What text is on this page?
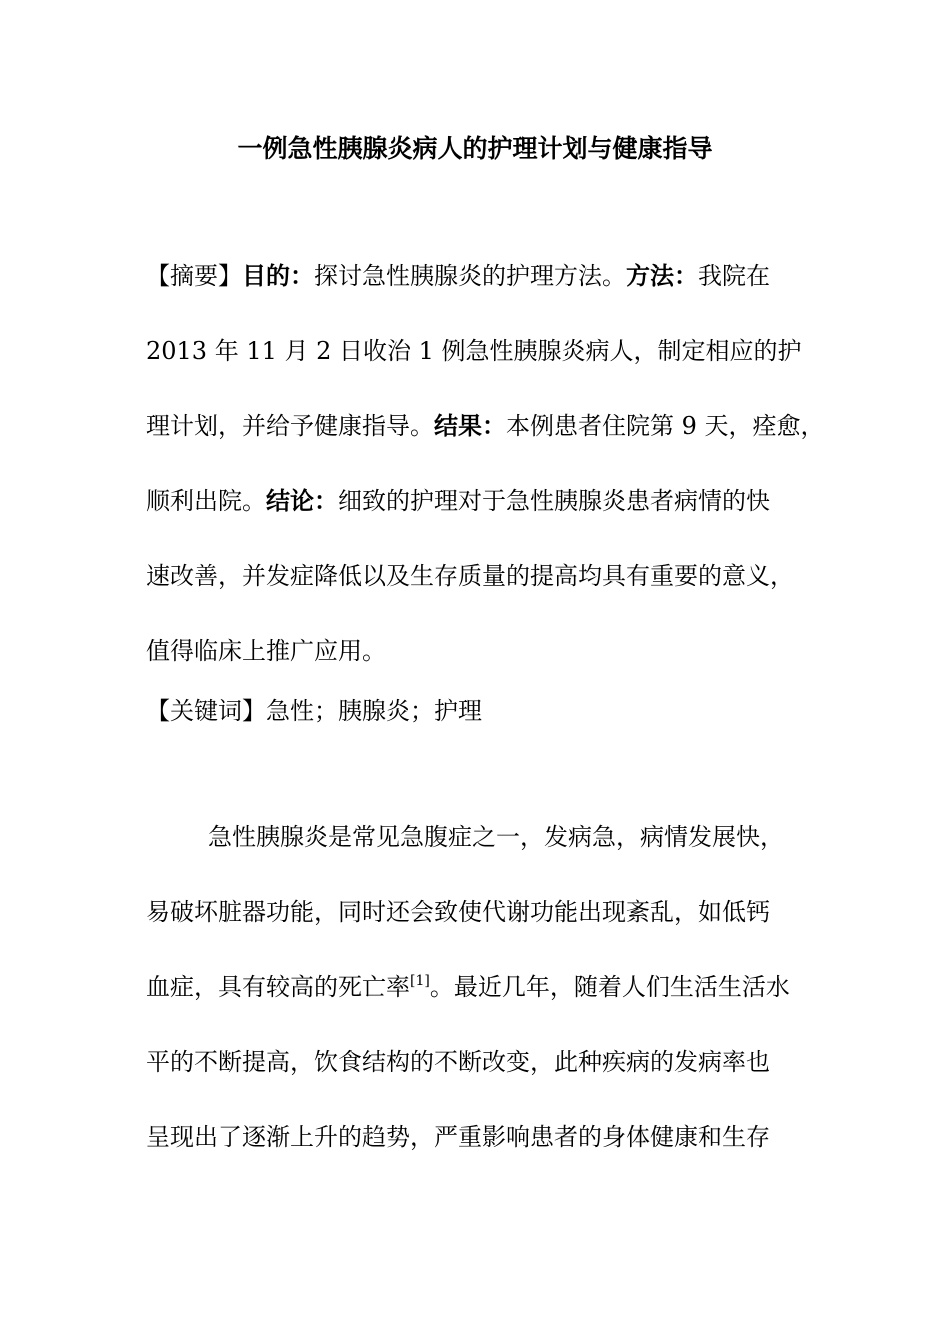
一例急性胰腺炎病人的护理计划与健康指导
【摘要】目的：探讨急性胰腺炎的护理方法。方法：我院在
2013 年 11 月 2 日收治 1 例急性胰腺炎病人，制定相应的护
理计划，并给予健康指导。结果：本例患者住院第 9 天，痊愈，
顺利出院。结论：细致的护理对于急性胰腺炎患者病情的快
速改善，并发症降低以及生存质量的提高均具有重要的意义，
值得临床上推广应用。
【关键词】急性；胰腺炎；护理
急性胰腺炎是常见急腹症之一，发病急，病情发展快，
易破坏脏器功能，同时还会致使代谢功能出现紊乱，如低钙
血症，具有较高的死亡率[1]。最近几年，随着人们生活生活水
平的不断提高，饮食结构的不断改变，此种疾病的发病率也
呈现出了逐渐上升的趋势，严重影响患者的身体健康和生存
